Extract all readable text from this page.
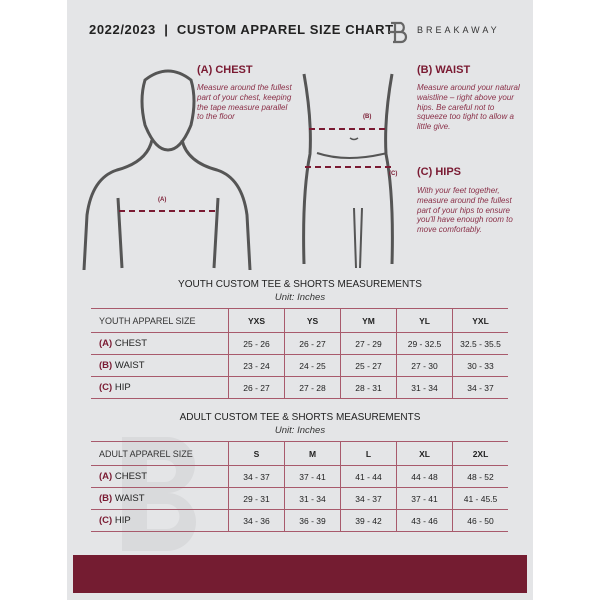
2022/2023  |  CUSTOM APPAREL SIZE CHART	BREAKAWAY
(A)
(B)
(C)
(A) CHEST
Measure around the fullest part of your chest, keeping the tape measure parallel to the floor
(B) WAIST
Measure around your natural waistline – right above your hips. Be careful not to squeeze too tight to allow a little give.
(C) HIPS
With your feet together, measure around the fullest part of your hips to ensure you'll have enough room to move comfortably.
YOUTH CUSTOM TEE & SHORTS MEASUREMENTS
Unit: Inches
YOUTH APPAREL SIZE	YXS	YS	YM	YL	YXL
(A) CHEST	25 - 26	26 - 27	27 - 29	29 - 32.5	32.5 - 35.5
(B) WAIST	23 - 24	24 - 25	25 - 27	27 - 30	30 - 33
(C) HIP	26 - 27	27 - 28	28 - 31	31 - 34	34 - 37
ADULT CUSTOM TEE & SHORTS MEASUREMENTS
Unit: Inches
ADULT APPAREL SIZE	S	M	L	XL	2XL
(A) CHEST	34 - 37	37 - 41	41 - 44	44 - 48	48 - 52
(B) WAIST	29 - 31	31 - 34	34 - 37	37 - 41	41 - 45.5
(C) HIP	34 - 36	36 - 39	39 - 42	43 - 46	46 - 50
